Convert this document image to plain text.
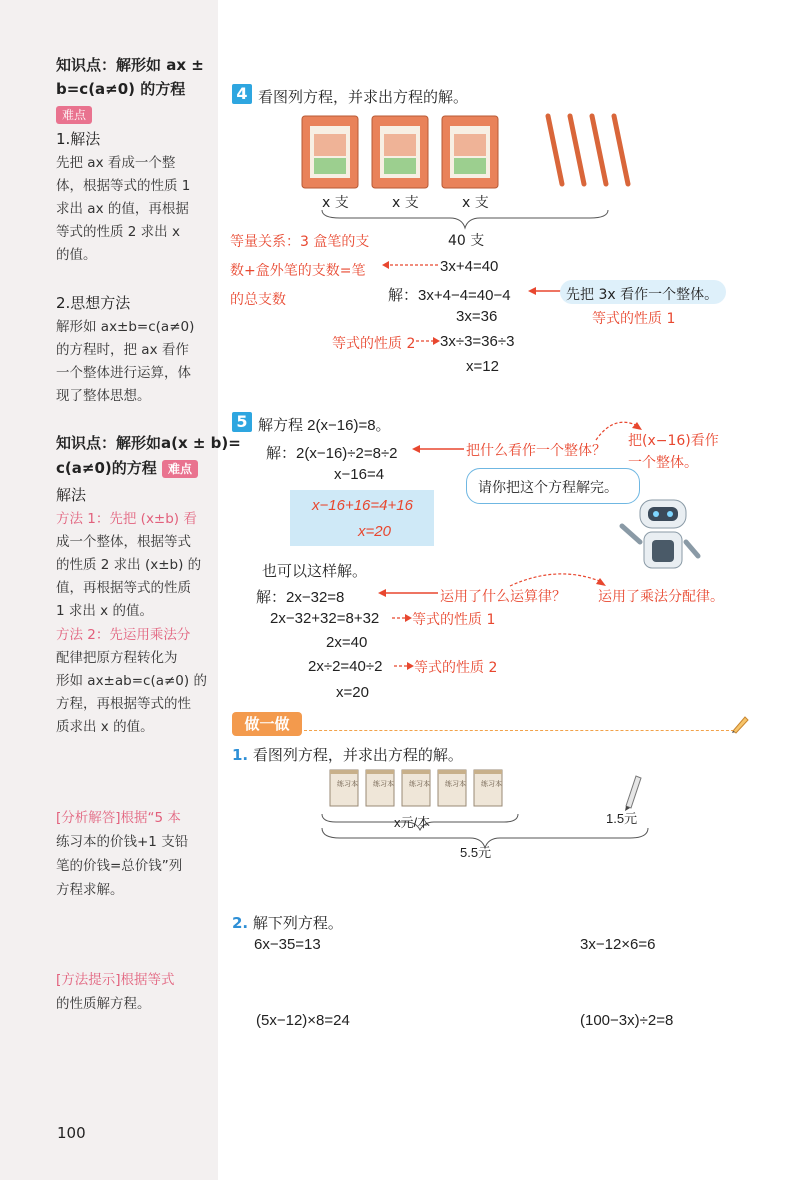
知识点：解形如 ax ±
b=c(a≠0) 的方程
难点
1.解法
先把 ax 看成一个整
体，根据等式的性质 1
求出 ax 的值，再根据
等式的性质 2 求出 x
的值。
2.思想方法
解形如 ax±b=c(a≠0)
的方程时，把 ax 看作
一个整体进行运算，体
现了整体思想。
知识点：解形如a(x ± b)=
c(a≠0)的方程 难点
解法
方法 1：先把 (x±b) 看
成一个整体，根据等式
的性质 2 求出 (x±b) 的
值，再根据等式的性质
1 求出 x 的值。
方法 2：先运用乘法分
配律把原方程转化为
形如 ax±ab=c(a≠0) 的
方程，再根据等式的性
质求出 x 的值。
[分析解答]根据“5 本
练习本的价钱+1 支铅
笔的价钱=总价钱”列
方程求解。
[方法提示]根据等式
的性质解方程。
100
4 看图列方程，并求出方程的解。
x 支	x 支	x 支
40 支
等量关系：3 盒笔的支
数+盒外笔的支数=笔
的总支数
3x+4=40
解：3x+4−4=40−4	先把 3x 看作一个整体。
等式的性质 1
3x=36
等式的性质 2 3x÷3=36÷3
x=12
5 解方程 2(x−16)=8。
解：2(x−16)÷2=8÷2	把什么看作一个整体？
把(x−16)看作
一个整体。
x−16=4
x−16+16=4+16
x=20
请你把这个方程解完。
也可以这样解。
解：2x−32=8	运用了什么运算律？ 运用了乘法分配律。
2x−32+32=8+32 等式的性质 1
2x=40
2x÷2=40÷2 等式的性质 2
x=20
做一做
1. 看图列方程，并求出方程的解。
练习本 练习本 练习本 练习本 练习本
x元/本	1.5元
5.5元
2. 解下列方程。
6x−35=13	3x−12×6=6
(5x−12)×8=24	(100−3x)÷2=8
